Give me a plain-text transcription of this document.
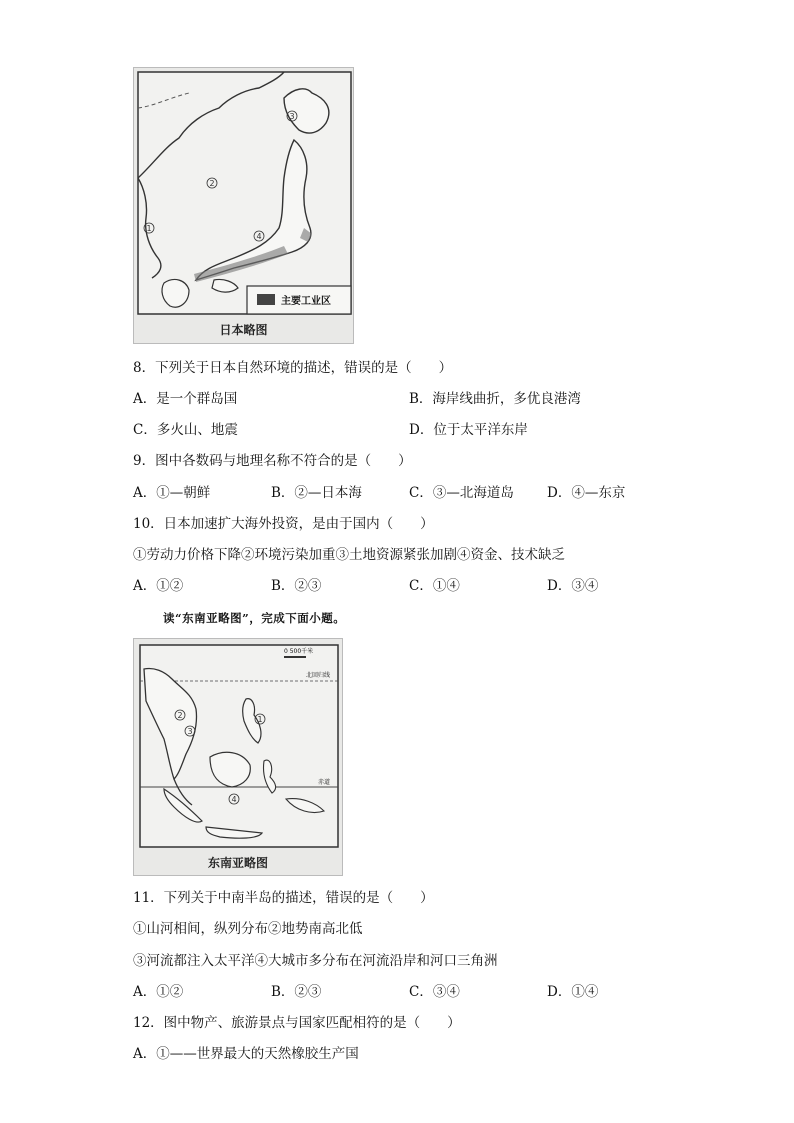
1
2
3
4
主要工业区
日本略图
8．下列关于日本自然环境的描述，错误的是（　　）
A．是一个群岛国	B．海岸线曲折，多优良港湾
C．多火山、地震	D．位于太平洋东岸
9．图中各数码与地理名称不符合的是（　　）
A．①—朝鲜	B．②—日本海	C．③—北海道岛 D．④—东京
10．日本加速扩大海外投资，是由于国内（　　）
①劳动力价格下降②环境污染加重③土地资源紧张加剧④资金、技术缺乏
A．①②	B．②③	C．①④	D．③④
读“东南亚略图”，完成下面小题。
1
2
3
4
0 500千米
北回归线
赤道
东南亚略图
11．下列关于中南半岛的描述，错误的是（　　）
①山河相间，纵列分布②地势南高北低
③河流都注入太平洋④大城市多分布在河流沿岸和河口三角洲
A．①②	B．②③	C．③④	D．①④
12．图中物产、旅游景点与国家匹配相符的是（　　）
A．①——世界最大的天然橡胶生产国
